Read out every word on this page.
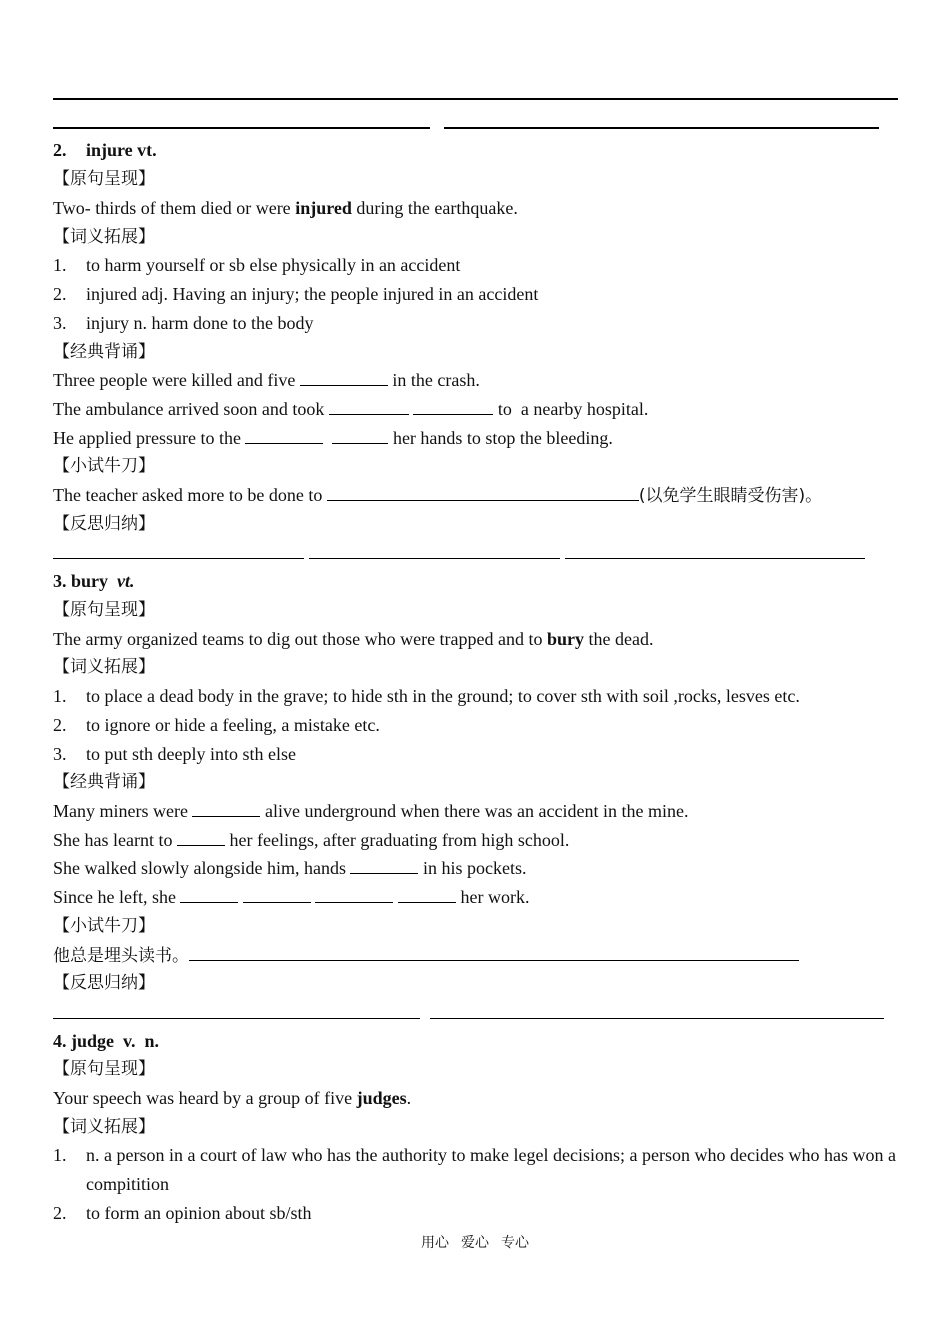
2. injure vt.
【原句呈现】
Two- thirds of them died or were injured during the earthquake.
【词义拓展】
1. to harm yourself or sb else physically in an accident
2. injured adj. Having an injury; the people injured in an accident
3. injury n. harm done to the body
【经典背诵】
Three people were killed and five	in the crash.
The ambulance arrived soon and took	to  a nearby hospital.
He applied pressure to the	her hands to stop the bleeding.
【小试牛刀】
The teacher asked more to be done to	(以免学生眼睛受伤害)。
【反思归纳】
3. bury vt.
【原句呈现】
The army organized teams to dig out those who were trapped and to bury the dead.
【词义拓展】
1. to place a dead body in the grave; to hide sth in the ground; to cover sth with soil ,rocks, lesves etc.
2. to ignore or hide a feeling, a mistake etc.
3. to put sth deeply into sth else
【经典背诵】
Many miners were	alive underground when there was an accident in the mine.
She has learnt to	her feelings, after graduating from high school.
She walked slowly alongside him, hands	in his pockets.
Since he left, she	her work.
【小试牛刀】
他总是埋头读书。
【反思归纳】
4. judge v.  n.
【原句呈现】
Your speech was heard by a group of five judges.
【词义拓展】
1.	n. a person in a court of law who has the authority to make legel decisions; a person who decides who has won a compitition
2. to form an opinion about sb/sth
用心 爱心 专心
